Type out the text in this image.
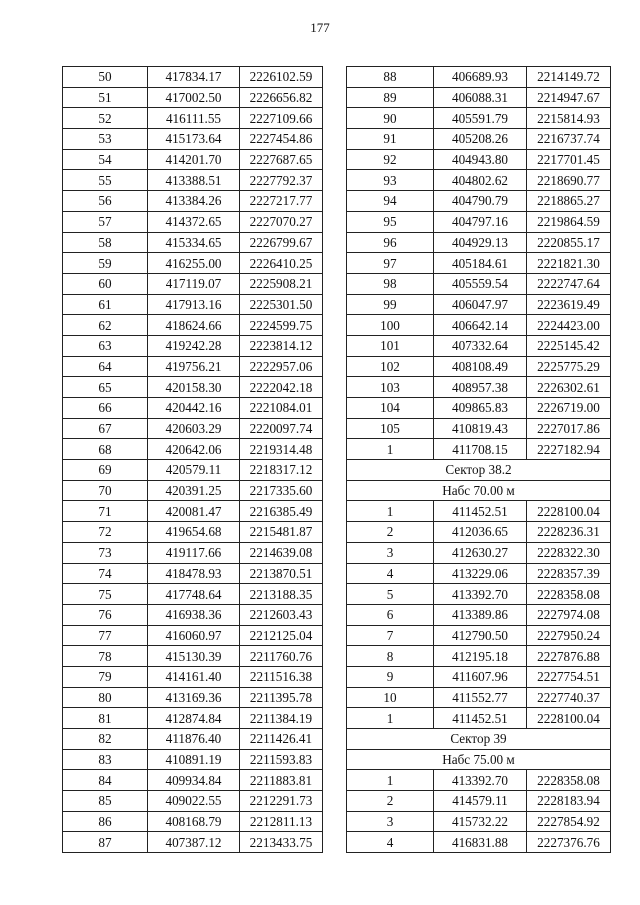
177
50	417834.17	2226102.59
51	417002.50	2226656.82
52	416111.55	2227109.66
53	415173.64	2227454.86
54	414201.70	2227687.65
55	413388.51	2227792.37
56	413384.26	2227217.77
57	414372.65	2227070.27
58	415334.65	2226799.67
59	416255.00	2226410.25
60	417119.07	2225908.21
61	417913.16	2225301.50
62	418624.66	2224599.75
63	419242.28	2223814.12
64	419756.21	2222957.06
65	420158.30	2222042.18
66	420442.16	2221084.01
67	420603.29	2220097.74
68	420642.06	2219314.48
69	420579.11	2218317.12
70	420391.25	2217335.60
71	420081.47	2216385.49
72	419654.68	2215481.87
73	419117.66	2214639.08
74	418478.93	2213870.51
75	417748.64	2213188.35
76	416938.36	2212603.43
77	416060.97	2212125.04
78	415130.39	2211760.76
79	414161.40	2211516.38
80	413169.36	2211395.78
81	412874.84	2211384.19
82	411876.40	2211426.41
83	410891.19	2211593.83
84	409934.84	2211883.81
85	409022.55	2212291.73
86	408168.79	2212811.13
87	407387.12	2213433.75
88	406689.93	2214149.72
89	406088.31	2214947.67
90	405591.79	2215814.93
91	405208.26	2216737.74
92	404943.80	2217701.45
93	404802.62	2218690.77
94	404790.79	2218865.27
95	404797.16	2219864.59
96	404929.13	2220855.17
97	405184.61	2221821.30
98	405559.54	2222747.64
99	406047.97	2223619.49
100	406642.14	2224423.00
101	407332.64	2225145.42
102	408108.49	2225775.29
103	408957.38	2226302.61
104	409865.83	2226719.00
105	410819.43	2227017.86
1	411708.15	2227182.94
Сектор 38.2		
Набс 70.00 м		
1	411452.51	2228100.04
2	412036.65	2228236.31
3	412630.27	2228322.30
4	413229.06	2228357.39
5	413392.70	2228358.08
6	413389.86	2227974.08
7	412790.50	2227950.24
8	412195.18	2227876.88
9	411607.96	2227754.51
10	411552.77	2227740.37
1	411452.51	2228100.04
Сектор 39		
Набс 75.00 м		
1	413392.70	2228358.08
2	414579.11	2228183.94
3	415732.22	2227854.92
4	416831.88	2227376.76
